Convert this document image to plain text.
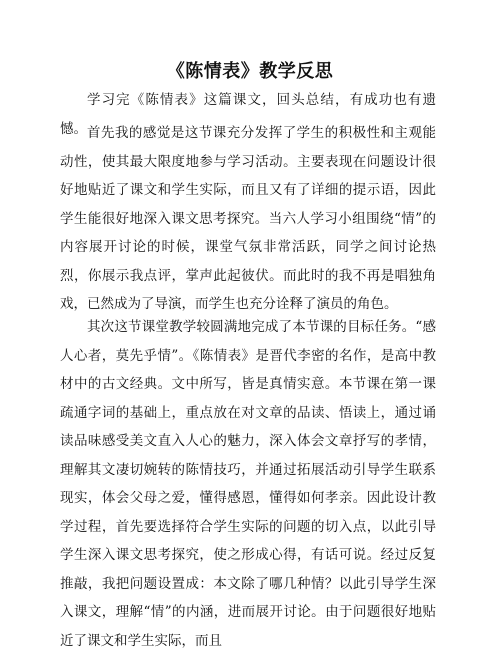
《陈情表》教学反思

学习完《陈情表》这篇课文，回头总结，有成功也有遗憾。 首先我的感觉是这节课充分发挥了学生的积极性和主观能动性，使其最大限度地参与学习活动。主要表现在问题设计很好地贴近了课文和学生实际，而且又有了详细的提示语，因此学生能很好地深入课文思考探究。当六人学习小组围绕“情”的内容展开讨论的时候，课堂气氛非常活跃，同学之间讨论热烈，你展示我点评，掌声此起彼伏。而此时的我不再是唱独角戏，已然成为了导演，而学生也充分诠释了演员的角色。

其次这节课堂教学较圆满地完成了本节课的目标任务。“感人心者，莫先乎情”。《陈情表》是晋代李密的名作，是高中教材中的古文经典。文中所写，皆是真情实意。本节课在第一课疏通字词的基础上，重点放在对文章的品读、悟读上，通过诵读品味感受美文直入人心的魅力，深入体会文章抒写的孝情，理解其文凄切婉转的陈情技巧，并通过拓展活动引导学生联系现实，体会父母之爱，懂得感恩，懂得如何孝亲。因此设计教学过程，首先要选择符合学生实际的问题的切入点，以此引导学生深入课文思考探究，使之形成心得，有话可说。经过反复推敲，我把问题设置成：本文除了哪几种情？以此引导学生深入课文，理解“情”的内涵，进而展开讨论。由于问题很好地贴近了课文和学生实际，而且
